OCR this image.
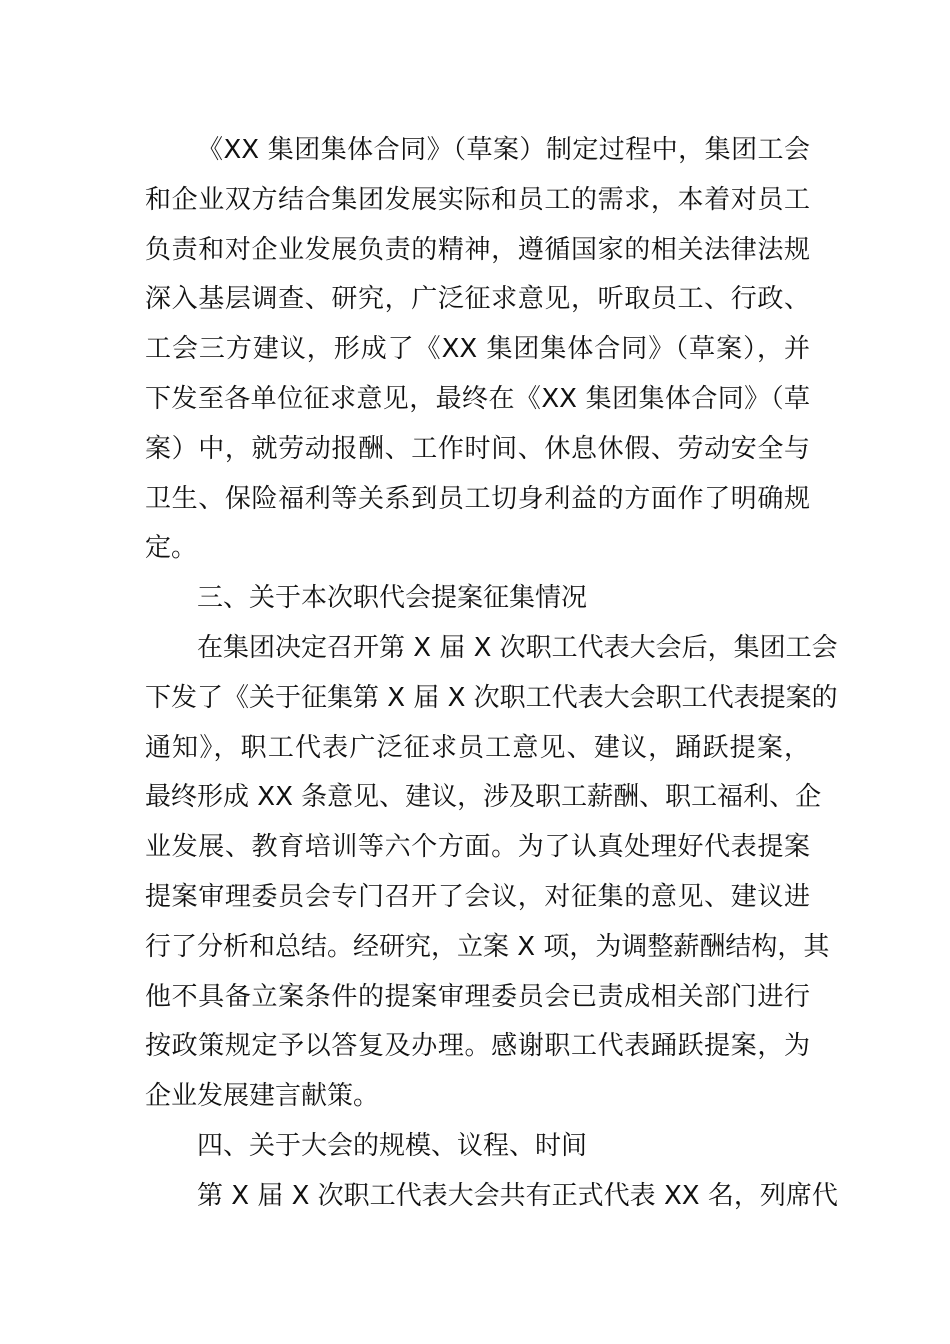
《XX 集团集体合同》（草案）制定过程中，集团工会
和企业双方结合集团发展实际和员工的需求，本着对员工
负责和对企业发展负责的精神，遵循国家的相关法律法规
深入基层调查、研究，广泛征求意见，听取员工、行政、
工会三方建议，形成了《XX 集团集体合同》（草案），并
下发至各单位征求意见，最终在《XX 集团集体合同》（草
案）中，就劳动报酬、工作时间、休息休假、劳动安全与
卫生、保险福利等关系到员工切身利益的方面作了明确规
定。
三、关于本次职代会提案征集情况
在集团决定召开第 X 届 X 次职工代表大会后，集团工会
下发了《关于征集第 X 届 X 次职工代表大会职工代表提案的
通知》，职工代表广泛征求员工意见、建议，踊跃提案，
最终形成 XX 条意见、建议，涉及职工薪酬、职工福利、企
业发展、教育培训等六个方面。为了认真处理好代表提案
提案审理委员会专门召开了会议，对征集的意见、建议进
行了分析和总结。经研究，立案 X 项，为调整薪酬结构，其
他不具备立案条件的提案审理委员会已责成相关部门进行
按政策规定予以答复及办理。感谢职工代表踊跃提案，为
企业发展建言献策。
四、关于大会的规模、议程、时间
第 X 届 X 次职工代表大会共有正式代表 XX 名，列席代
